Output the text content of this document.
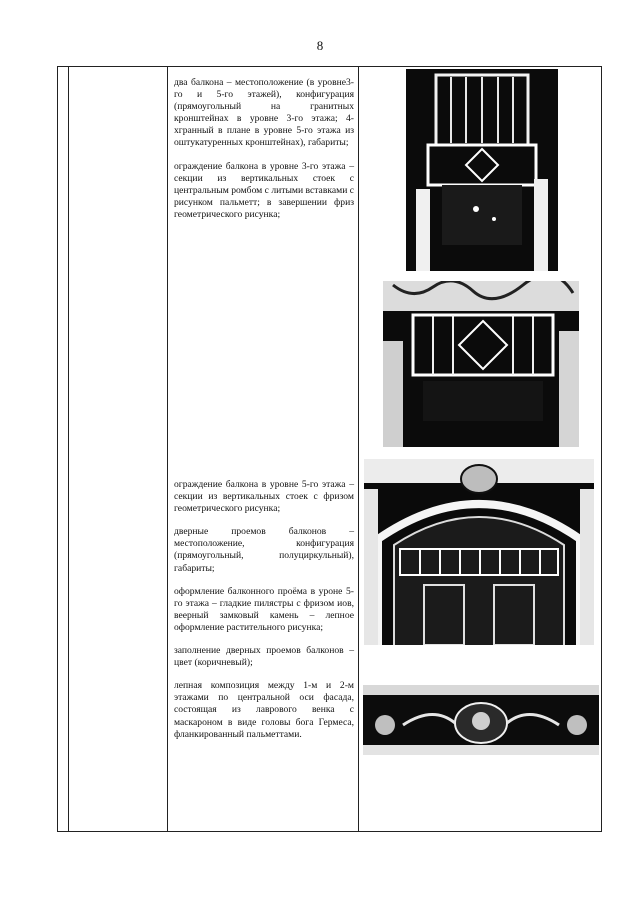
8

два балкона – местоположение (в уровне3-го и 5-го этажей), конфигурация (прямоугольный на гранитных кронштейнах в уровне 3-го этажа; 4-хгранный в плане в уровне 5-го этажа из оштукатуренных кронштейнах), габариты;

ограждение балкона в уровне 3-го этажа – секции из вертикальных стоек с центральным ромбом с литыми вставками с рисунком пальметт; в завершении фриз геометрического рисунка;

ограждение балкона в уровне 5-го этажа – секции из вертикальных стоек с фризом геометрического рисунка;

дверные проемов балконов – местоположение, конфигурация (прямоугольный, полуциркульный), габариты;

оформление балконного проёма в уроне 5-го этажа – гладкие пилястры с фризом иов, веерный замковый камень – лепное оформление растительного рисунка;

заполнение дверных проемов балконов – цвет (коричневый);

лепная композиция между 1-м и 2-м этажами по центральной оси фасада, состоящая из лаврового венка с маскароном в виде головы бога Гермеса, фланкированный пальметтами.
